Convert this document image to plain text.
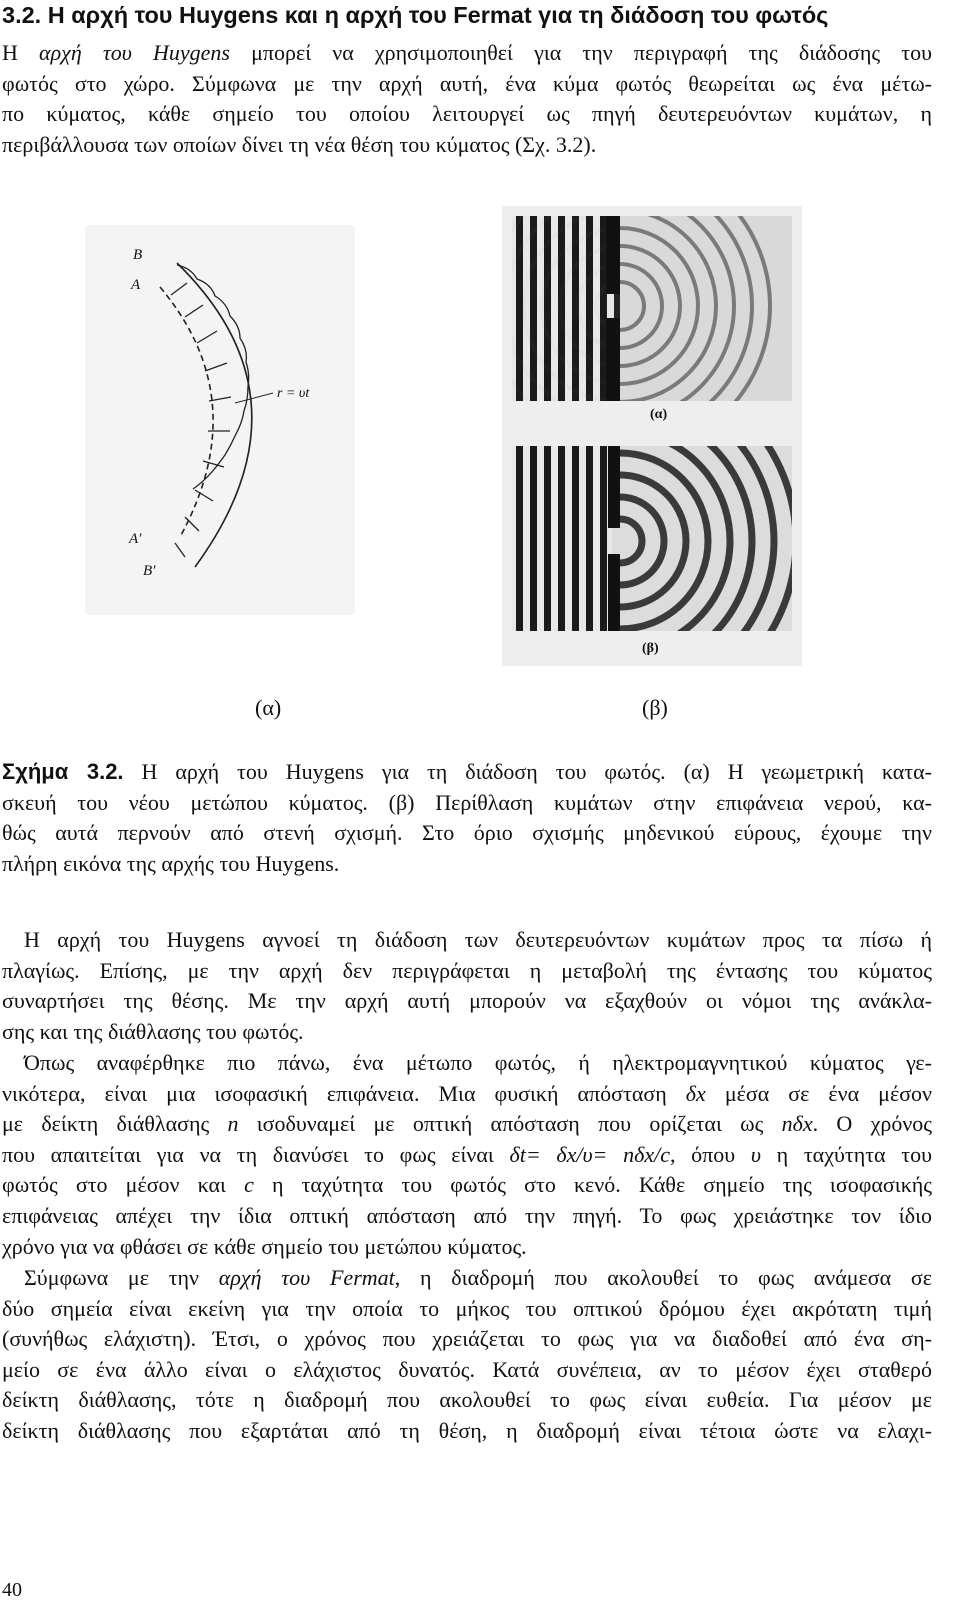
3.2. Η αρχή του Huygens και η αρχή του Fermat για τη διάδοση του φωτός
Η αρχή του Huygens μπορεί να χρησιμοποιηθεί για την περιγραφή της διάδοσης του
φωτός στο χώρο. Σύμφωνα με την αρχή αυτή, ένα κύμα φωτός θεωρείται ως ένα μέτω-
πο κύματος, κάθε σημείο του οποίου λειτουργεί ως πηγή δευτερευόντων κυμάτων, η
περιβάλλουσα των οποίων δίνει τη νέα θέση του κύματος (Σχ. 3.2).
B
A
r = υt
A′
B′
(α)
(β)
(α)	(β)
Σχήμα 3.2. Η αρχή του Huygens για τη διάδοση του φωτός. (α) Η γεωμετρική κατα-
σκευή του νέου μετώπου κύματος. (β) Περίθλαση κυμάτων στην επιφάνεια νερού, κα-
θώς αυτά περνούν από στενή σχισμή. Στο όριο σχισμής μηδενικού εύρους, έχουμε την
πλήρη εικόνα της αρχής του Huygens.
Η αρχή του Huygens αγνοεί τη διάδοση των δευτερευόντων κυμάτων προς τα πίσω ή
πλαγίως. Επίσης, με την αρχή δεν περιγράφεται η μεταβολή της έντασης του κύματος
συναρτήσει της θέσης. Με την αρχή αυτή μπορούν να εξαχθούν οι νόμοι της ανάκλα-
σης και της διάθλασης του φωτός.
Όπως αναφέρθηκε πιο πάνω, ένα μέτωπο φωτός, ή ηλεκτρομαγνητικού κύματος γε-
νικότερα, είναι μια ισοφασική επιφάνεια. Μια φυσική απόσταση δx μέσα σε ένα μέσον
με δείκτη διάθλασης n ισοδυναμεί με οπτική απόσταση που ορίζεται ως nδx. Ο χρόνος
που απαιτείται για να τη διανύσει το φως είναι δt= δx/υ= nδx/c, όπου υ η ταχύτητα του
φωτός στο μέσον και c η ταχύτητα του φωτός στο κενό. Κάθε σημείο της ισοφασικής
επιφάνειας απέχει την ίδια οπτική απόσταση από την πηγή. Το φως χρειάστηκε τον ίδιο
χρόνο για να φθάσει σε κάθε σημείο του μετώπου κύματος.
Σύμφωνα με την αρχή του Fermat, η διαδρομή που ακολουθεί το φως ανάμεσα σε
δύο σημεία είναι εκείνη για την οποία το μήκος του οπτικού δρόμου έχει ακρότατη τιμή
(συνήθως ελάχιστη). Έτσι, ο χρόνος που χρειάζεται το φως για να διαδοθεί από ένα ση-
μείο σε ένα άλλο είναι ο ελάχιστος δυνατός. Κατά συνέπεια, αν το μέσον έχει σταθερό
δείκτη διάθλασης, τότε η διαδρομή που ακολουθεί το φως είναι ευθεία. Για μέσον με
δείκτη διάθλασης που εξαρτάται από τη θέση, η διαδρομή είναι τέτοια ώστε να ελαχι-
40
